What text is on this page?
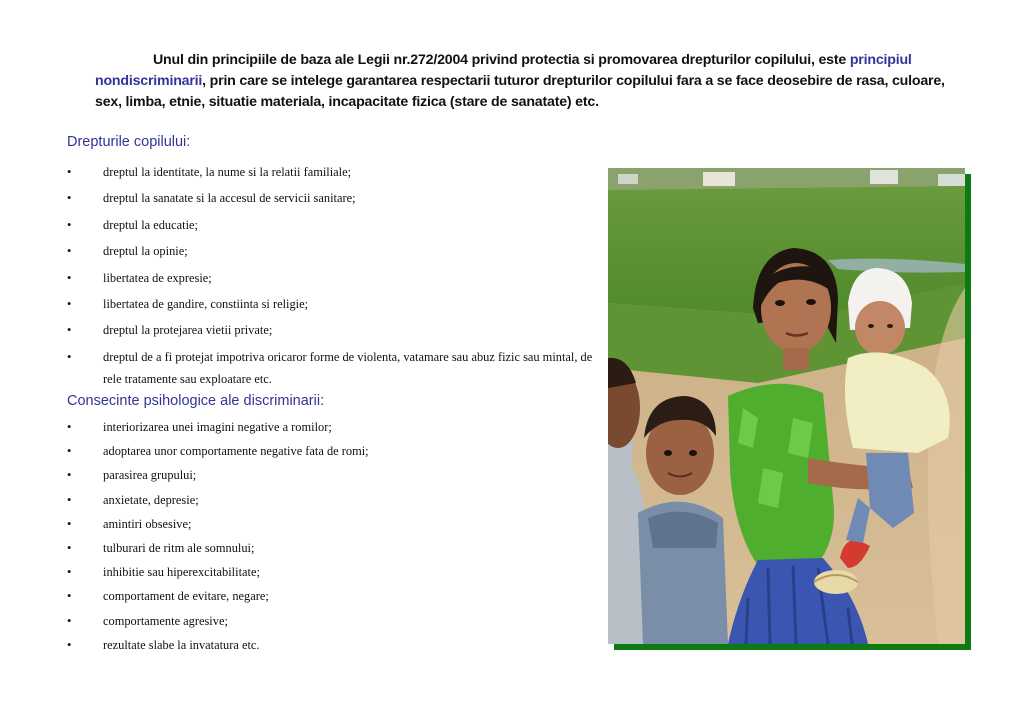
Unul din principiile de baza ale Legii nr.272/2004 privind protectia si promovarea drepturilor copilului, este principiul nondiscriminarii, prin care se intelege garantarea respectarii tuturor drepturilor copilului fara a se face deosebire de rasa, culoare, sex, limba, etnie, situatie materiala, incapacitate fizica (stare de sanatate) etc.

Drepturile copilului:
•	dreptul la identitate, la nume si la relatii familiale;
•	dreptul la sanatate si la accesul de servicii sanitare;
•	dreptul la educatie;
•	dreptul la opinie;
•	libertatea de expresie;
•	libertatea de gandire, constiinta si religie;
•	dreptul la protejarea vietii private;
•	dreptul de a fi protejat impotriva oricaror forme de violenta, vatamare sau abuz fizic sau mintal, de rele tratamente sau exploatare etc.
Consecinte psihologice ale discriminarii:
•	interiorizarea unei imagini negative a romilor;
•	adoptarea unor comportamente negative fata de romi;
•	parasirea grupului;
•	anxietate, depresie;
•	amintiri obsesive;
•	tulburari de ritm ale somnului;
•	inhibitie sau hiperexcitabilitate;
•	comportament de evitare, negare;
•	comportamente agresive;
•	rezultate slabe la invatatura etc.
